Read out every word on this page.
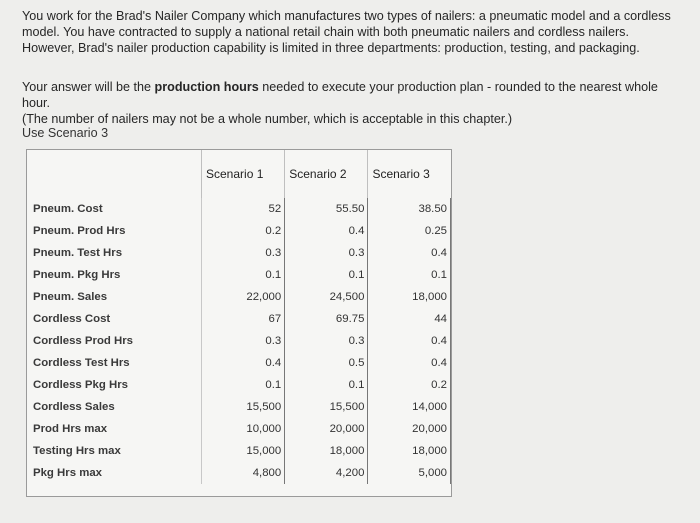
You work for the Brad's Nailer Company which manufactures two types of nailers: a pneumatic model and a cordless model. You have contracted to supply a national retail chain with both pneumatic nailers and cordless nailers. However, Brad's nailer production capability is limited in three departments: production, testing, and packaging.

Your answer will be the production hours needed to execute your production plan - rounded to the nearest whole hour.
(The number of nailers may not be a whole number, which is acceptable in this chapter.)

Use Scenario 3

	Scenario 1	Scenario 2	Scenario 3
Pneum. Cost	52	55.50	38.50
Pneum. Prod Hrs	0.2	0.4	0.25
Pneum. Test Hrs	0.3	0.3	0.4
Pneum. Pkg Hrs	0.1	0.1	0.1
Pneum. Sales	22,000	24,500	18,000
Cordless Cost	67	69.75	44
Cordless Prod Hrs	0.3	0.3	0.4
Cordless Test Hrs	0.4	0.5	0.4
Cordless Pkg Hrs	0.1	0.1	0.2
Cordless Sales	15,500	15,500	14,000
Prod Hrs max	10,000	20,000	20,000
Testing Hrs max	15,000	18,000	18,000
Pkg Hrs max	4,800	4,200	5,000
